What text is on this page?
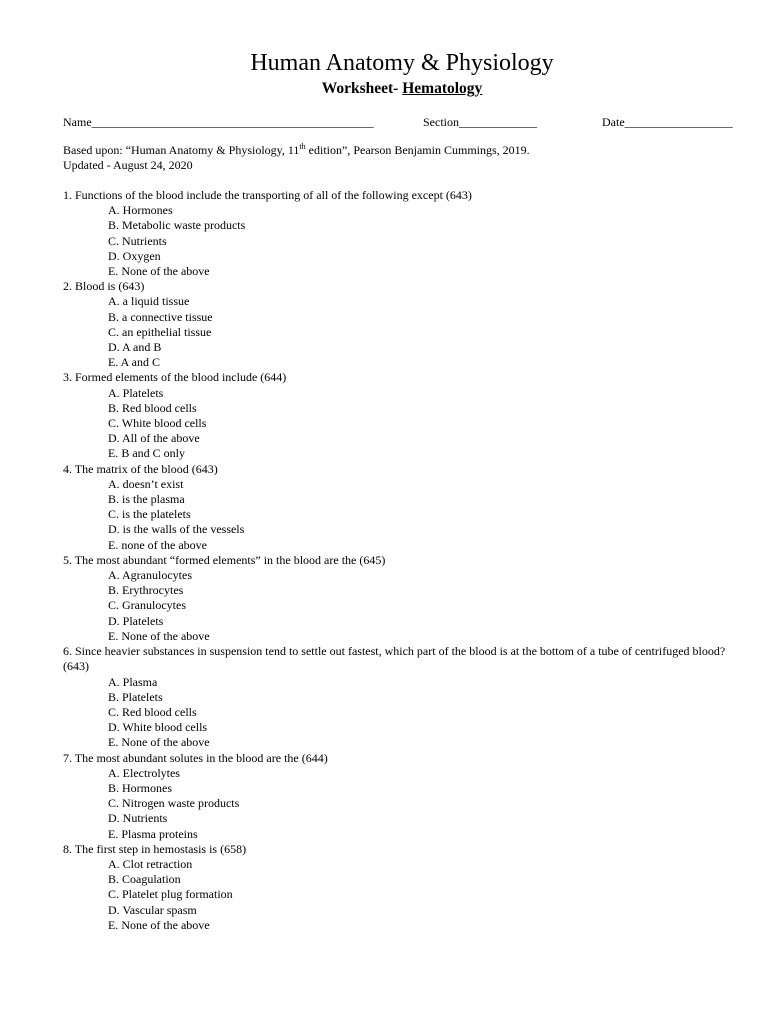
Human Anatomy & Physiology
Worksheet- Hematology
Name_______________________________________________	Section_____________	Date__________________
Based upon: “Human Anatomy & Physiology, 11th edition”, Pearson Benjamin Cummings, 2019.
Updated - August 24, 2020

1. Functions of the blood include the transporting of all of the following except (643)

A. Hormones

B. Metabolic waste products

C. Nutrients

D. Oxygen

E. None of the above

2. Blood is (643)

A. a liquid tissue

B. a connective tissue

C. an epithelial tissue

D. A and B

E. A and C

3. Formed elements of the blood include (644)

A. Platelets

B. Red blood cells

C. White blood cells

D. All of the above

E. B and C only

4. The matrix of the blood (643)

A. doesn’t exist

B. is the plasma

C. is the platelets

D. is the walls of the vessels

E. none of the above

5. The most abundant “formed elements” in the blood are the (645)

A. Agranulocytes

B. Erythrocytes

C. Granulocytes

D. Platelets

E. None of the above

6. Since heavier substances in suspension tend to settle out fastest, which part of the blood is at the bottom of a tube of centrifuged blood? (643)

A. Plasma

B. Platelets

C. Red blood cells

D. White blood cells

E. None of the above

7. The most abundant solutes in the blood are the (644)

A. Electrolytes

B. Hormones

C. Nitrogen waste products

D. Nutrients

E. Plasma proteins

8. The first step in hemostasis is (658)

A. Clot retraction

B. Coagulation

C. Platelet plug formation

D. Vascular spasm

E. None of the above
